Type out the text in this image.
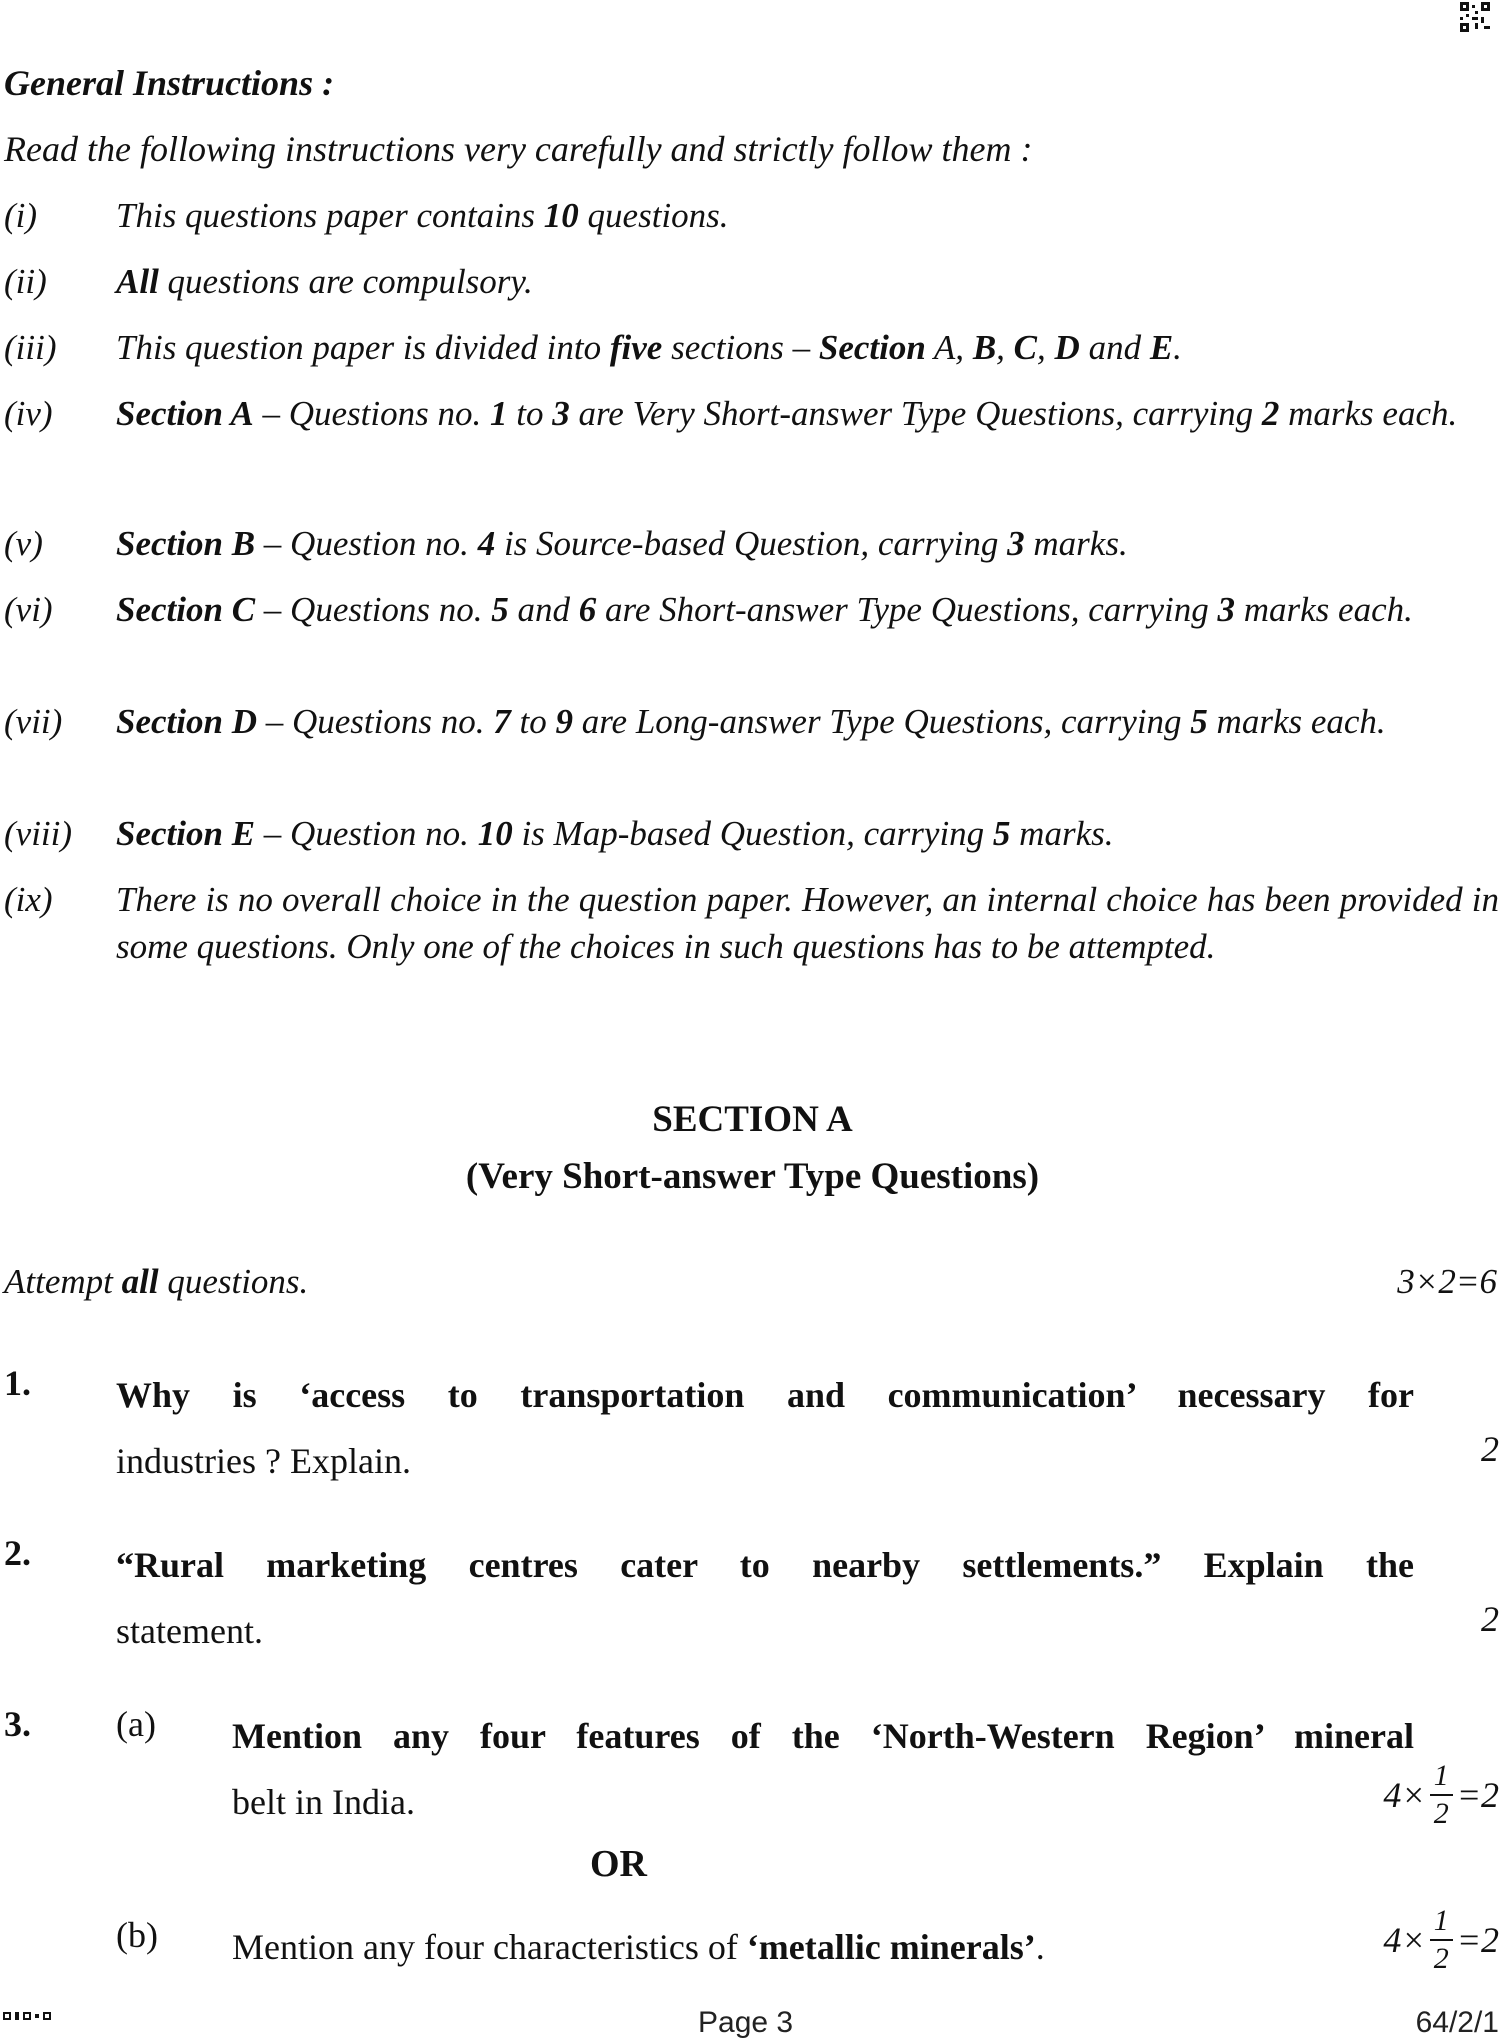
General Instructions :
Read the following instructions very carefully and strictly follow them :
(i) This questions paper contains 10 questions.
(ii) All questions are compulsory.
(iii) This question paper is divided into five sections – Section A, B, C, D and E.
(iv) Section A – Questions no. 1 to 3 are Very Short-answer Type Questions, carrying 2 marks each.
(v) Section B – Question no. 4 is Source-based Question, carrying 3 marks.
(vi) Section C – Questions no. 5 and 6 are Short-answer Type Questions, carrying 3 marks each.
(vii) Section D – Questions no. 7 to 9 are Long-answer Type Questions, carrying 5 marks each.
(viii) Section E – Question no. 10 is Map-based Question, carrying 5 marks.
(ix) There is no overall choice in the question paper. However, an internal choice has been provided in some questions. Only one of the choices in such questions has to be attempted.
SECTION A
(Very Short-answer Type Questions)
Attempt all questions.	3×2=6
1. Why is ‘access to transportation and communication’ necessary for
industries ? Explain.	2
2. “Rural marketing centres cater to nearby settlements.” Explain the
statement.	2
3. (a) Mention any four features of the ‘North-Western Region’ mineral
belt in India.	$4\times \frac{1}{2} =2$
OR
(b) Mention any four characteristics of ‘metallic minerals’.	$4\times \frac{1}{2} =2$
Page 3	64/2/1
